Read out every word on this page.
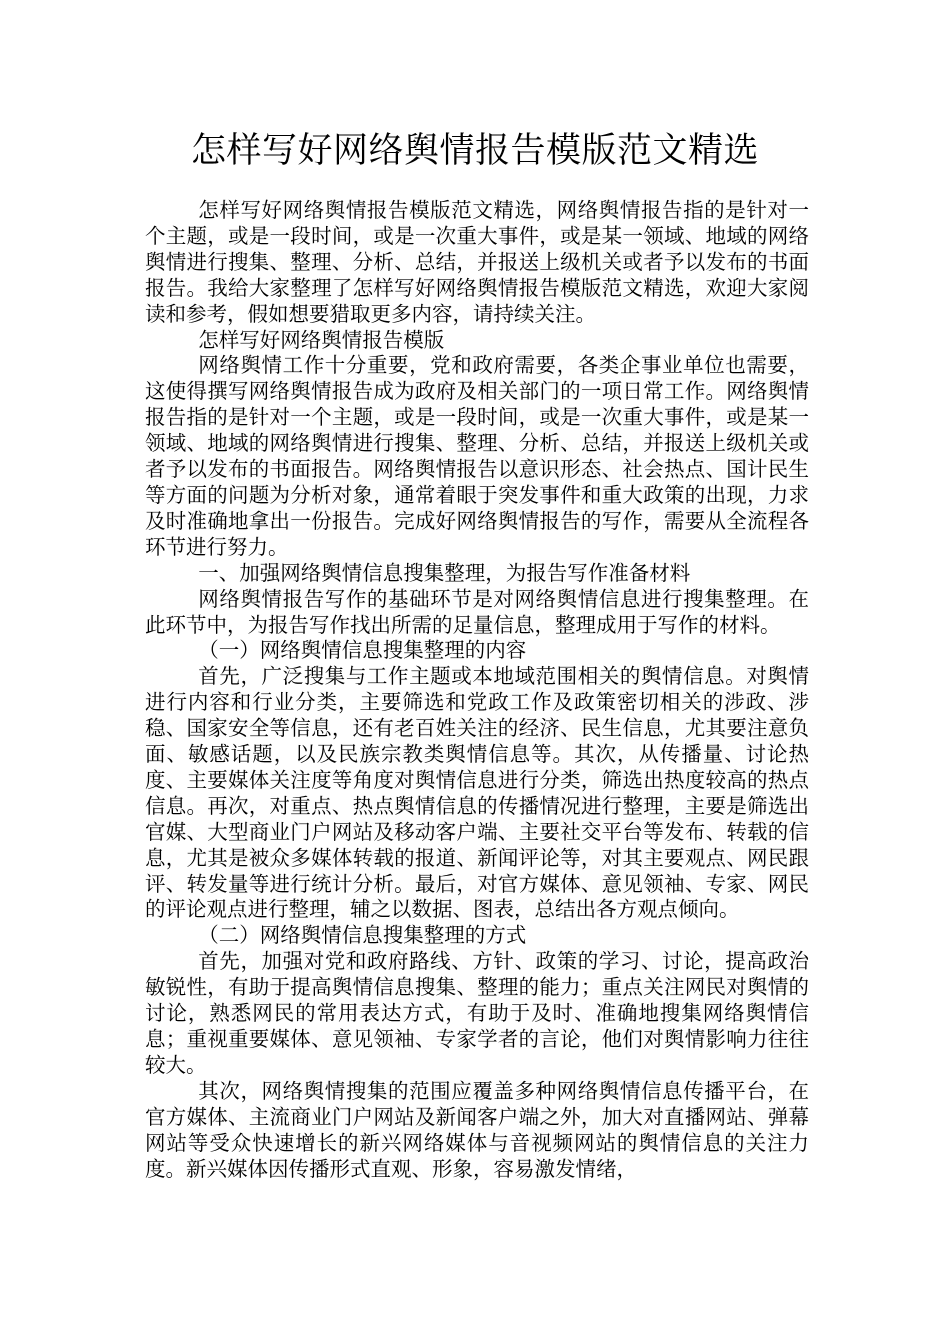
怎样写好网络舆情报告模版范文精选

怎样写好网络舆情报告模版范文精选，网络舆情报告指的是针对一个主题，或是一段时间，或是一次重大事件，或是某一领域、地域的网络舆情进行搜集、整理、分析、总结，并报送上级机关或者予以发布的书面报告。我给大家整理了怎样写好网络舆情报告模版范文精选，欢迎大家阅读和参考，假如想要猎取更多内容，请持续关注。

怎样写好网络舆情报告模版

网络舆情工作十分重要，党和政府需要，各类企事业单位也需要，这使得撰写网络舆情报告成为政府及相关部门的一项日常工作。网络舆情报告指的是针对一个主题，或是一段时间，或是一次重大事件，或是某一领域、地域的网络舆情进行搜集、整理、分析、总结，并报送上级机关或者予以发布的书面报告。网络舆情报告以意识形态、社会热点、国计民生等方面的问题为分析对象，通常着眼于突发事件和重大政策的出现，力求及时准确地拿出一份报告。完成好网络舆情报告的写作，需要从全流程各环节进行努力。

一、加强网络舆情信息搜集整理，为报告写作准备材料

网络舆情报告写作的基础环节是对网络舆情信息进行搜集整理。在此环节中，为报告写作找出所需的足量信息，整理成用于写作的材料。

（一）网络舆情信息搜集整理的内容

首先，广泛搜集与工作主题或本地域范围相关的舆情信息。对舆情进行内容和行业分类，主要筛选和党政工作及政策密切相关的涉政、涉稳、国家安全等信息，还有老百姓关注的经济、民生信息，尤其要注意负面、敏感话题，以及民族宗教类舆情信息等。其次，从传播量、讨论热度、主要媒体关注度等角度对舆情信息进行分类，筛选出热度较高的热点信息。再次，对重点、热点舆情信息的传播情况进行整理，主要是筛选出官媒、大型商业门户网站及移动客户端、主要社交平台等发布、转载的信息，尤其是被众多媒体转载的报道、新闻评论等，对其主要观点、网民跟评、转发量等进行统计分析。最后，对官方媒体、意见领袖、专家、网民的评论观点进行整理，辅之以数据、图表，总结出各方观点倾向。

（二）网络舆情信息搜集整理的方式

首先，加强对党和政府路线、方针、政策的学习、讨论，提高政治敏锐性，有助于提高舆情信息搜集、整理的能力；重点关注网民对舆情的讨论，熟悉网民的常用表达方式，有助于及时、准确地搜集网络舆情信息；重视重要媒体、意见领袖、专家学者的言论，他们对舆情影响力往往较大。

其次，网络舆情搜集的范围应覆盖多种网络舆情信息传播平台，在官方媒体、主流商业门户网站及新闻客户端之外，加大对直播网站、弹幕网站等受众快速增长的新兴网络媒体与音视频网站的舆情信息的关注力度。新兴媒体因传播形式直观、形象，容易激发情绪，
